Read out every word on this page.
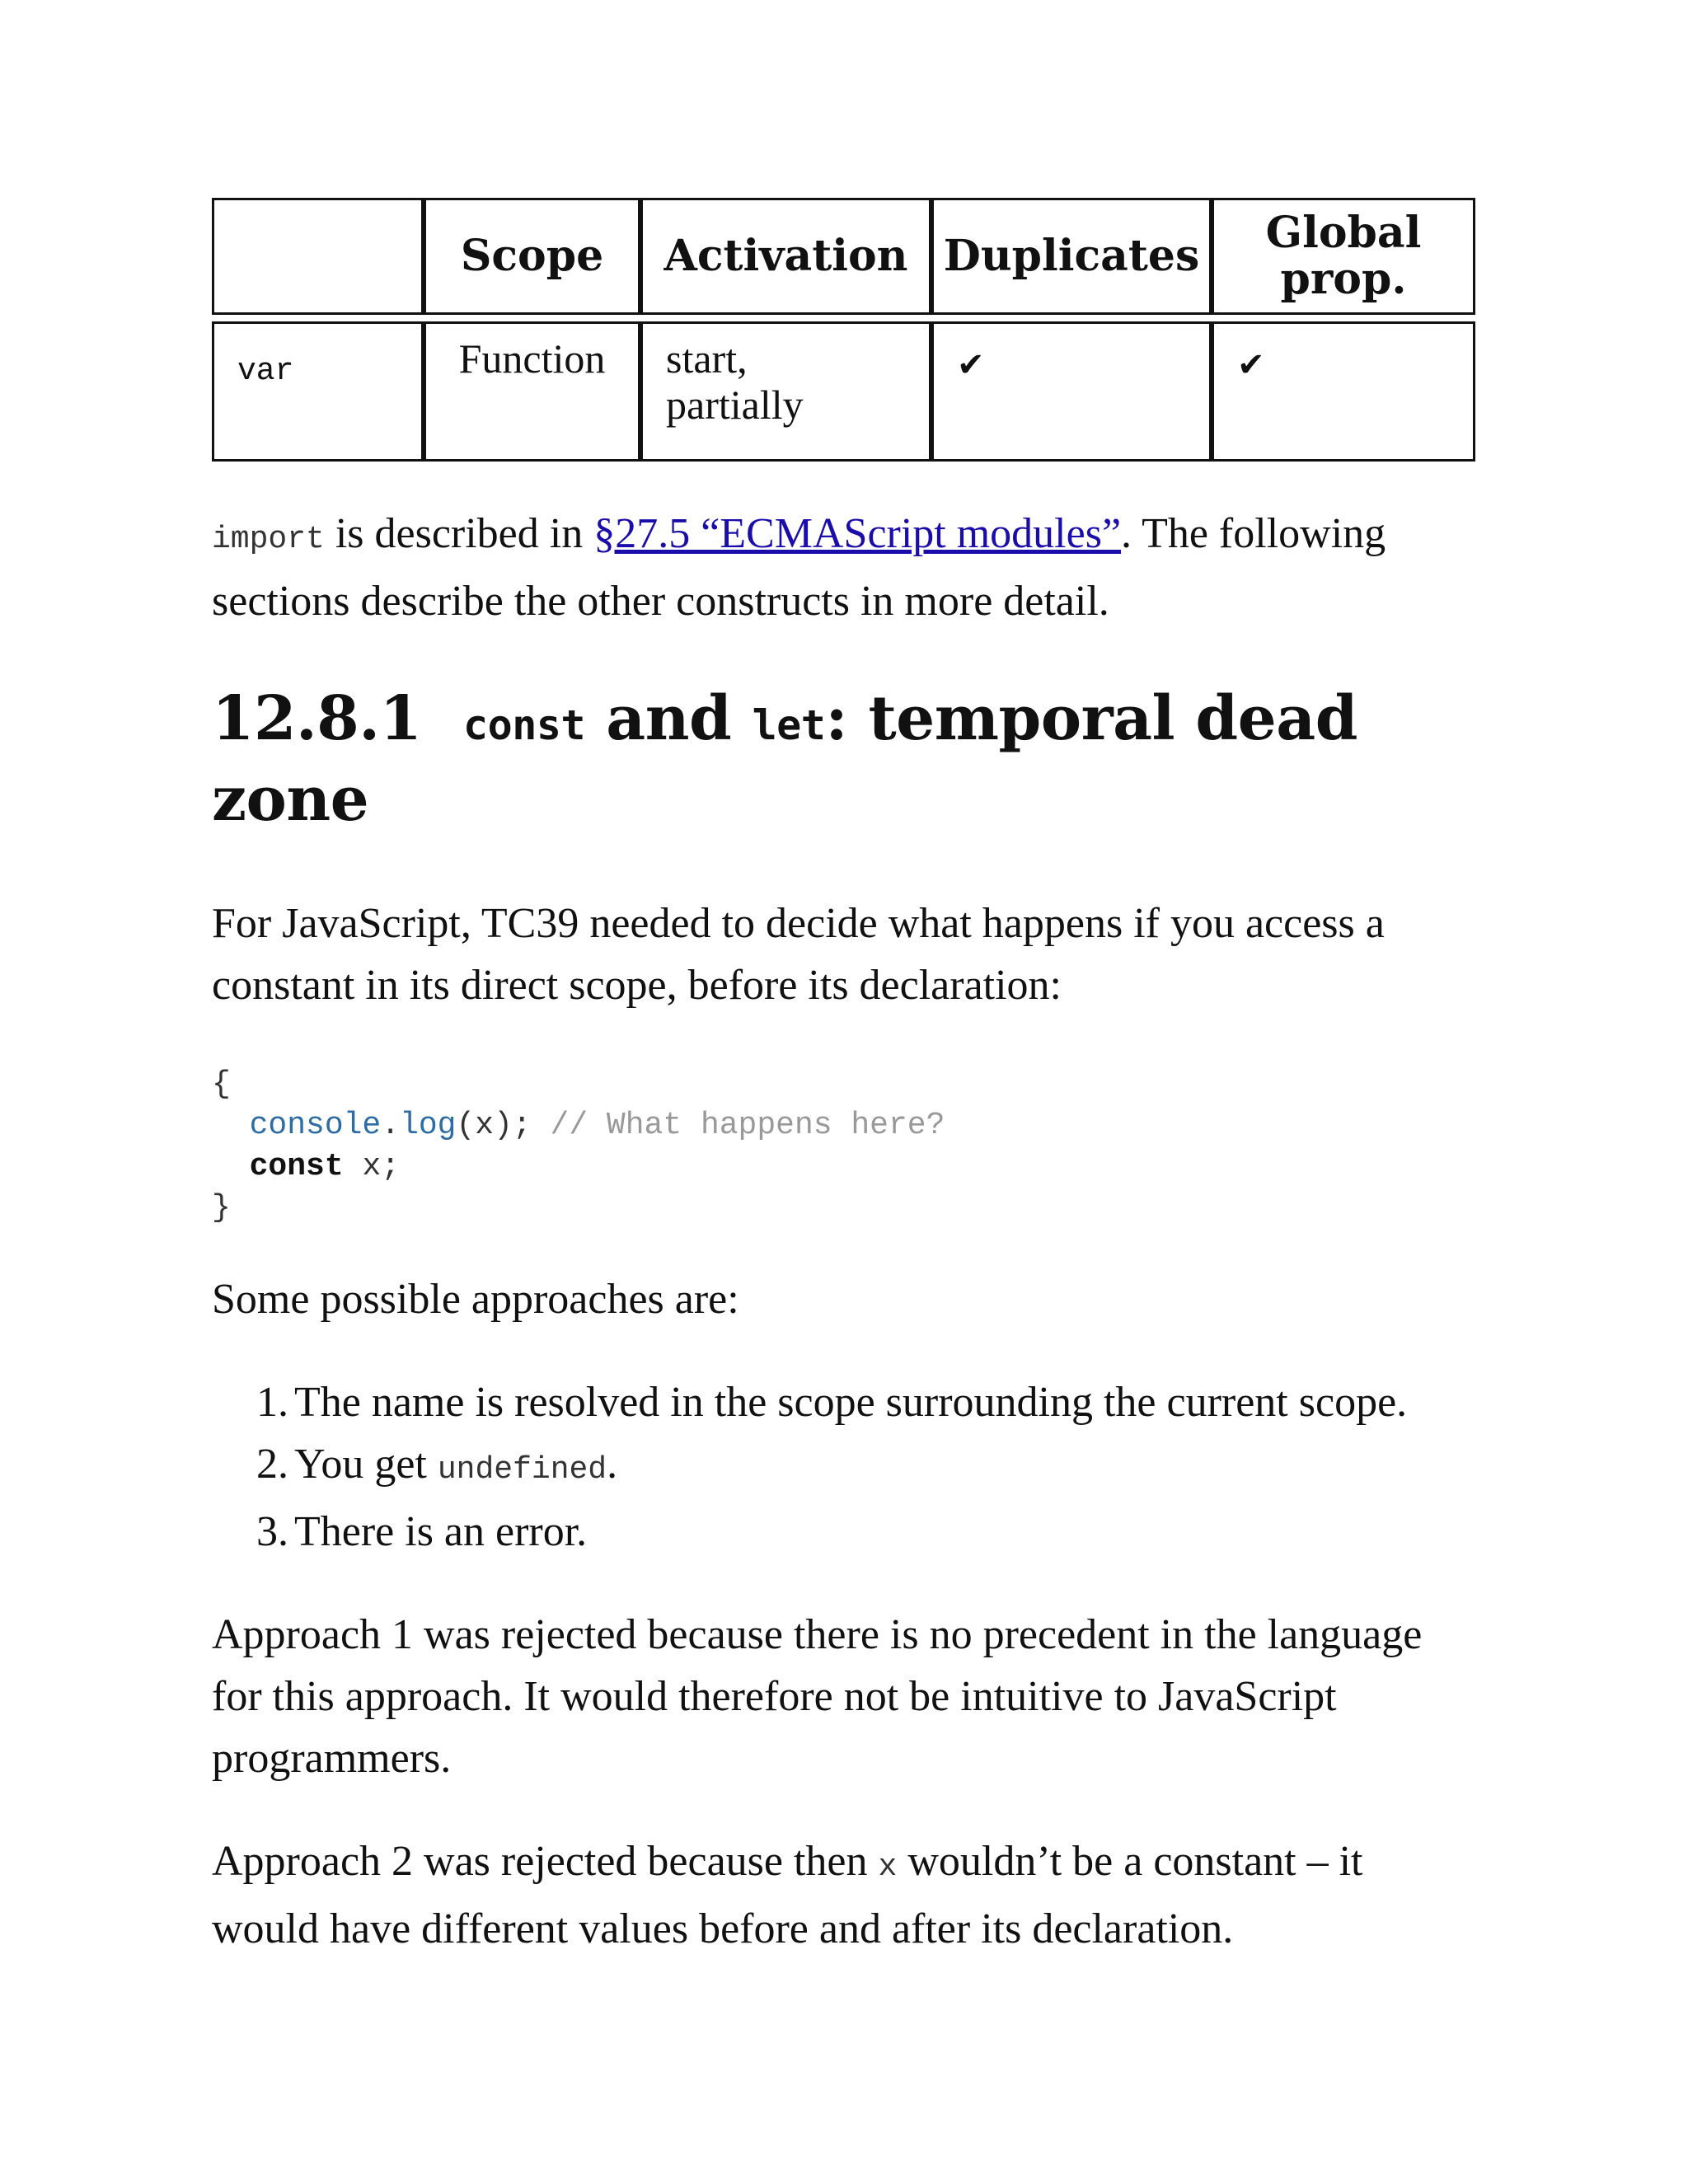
	Scope	Activation	Duplicates	Global prop.

var	Function	start, partially	✔	✔

import is described in §27.5 “ECMAScript modules”. The following sections describe the other constructs in more detail.

12.8.1 const and let: temporal dead zone

For JavaScript, TC39 needed to decide what happens if you access a constant in its direct scope, before its declaration:

{
console.log(x); // What happens here?
const x;
}

Some possible approaches are:

1. The name is resolved in the scope surrounding the current scope.
2. You get undefined.
3. There is an error.

Approach 1 was rejected because there is no precedent in the language for this approach. It would therefore not be intuitive to JavaScript programmers.

Approach 2 was rejected because then x wouldn’t be a constant – it would have different values before and after its declaration.
